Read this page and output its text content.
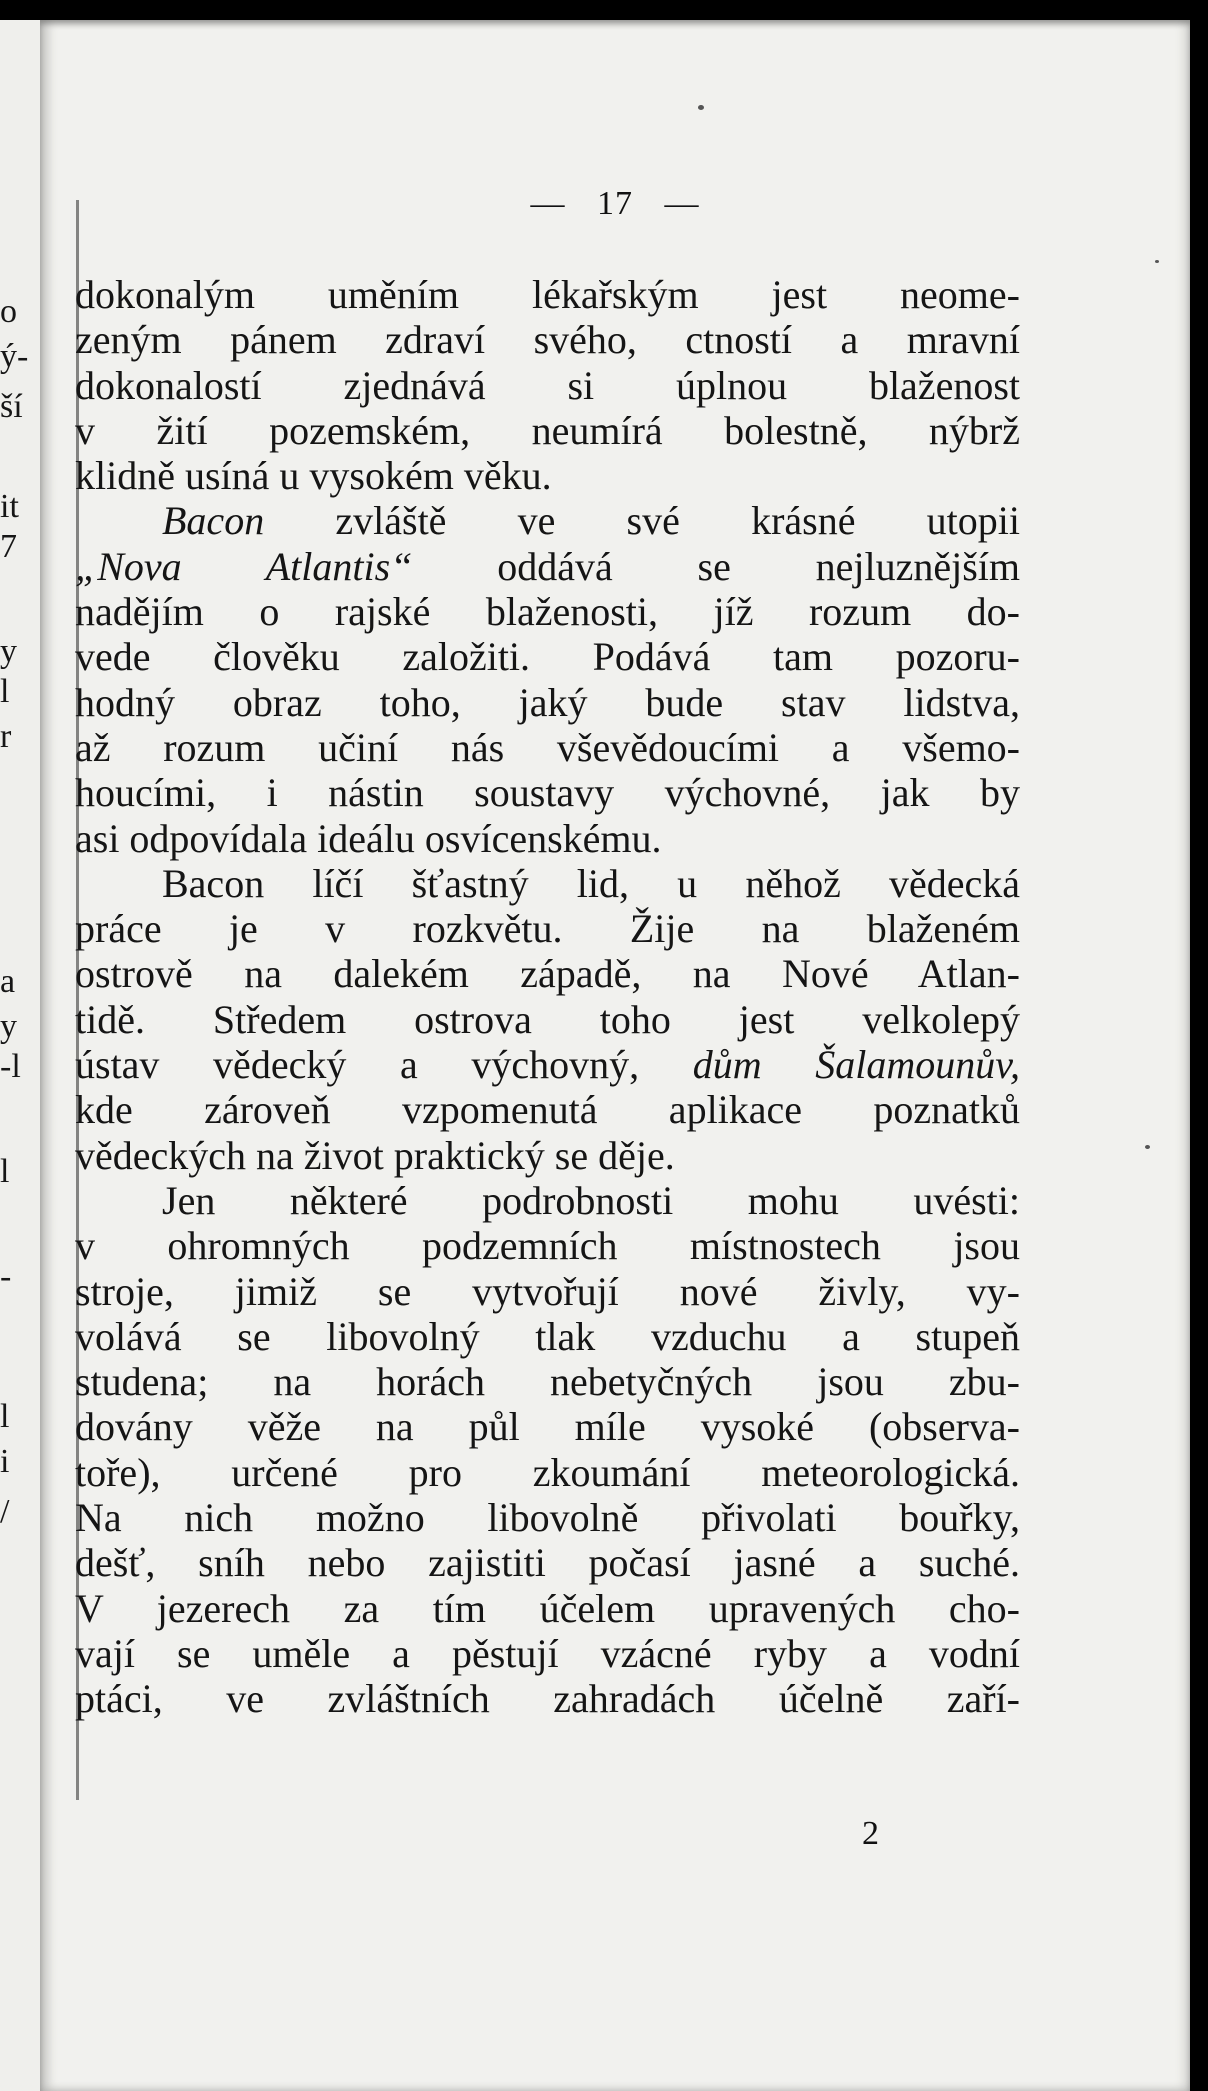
o
ý-
ší
it
7
y
l
r
a
y
-l
l
-
l
i
/
— 17 —
dokonalým uměním lékařským jest neome-
zeným pánem zdraví svého, ctností a mravní
dokonalostí zjednává si úplnou blaženost
v žití pozemském, neumírá bolestně, nýbrž
klidně usíná u vysokém věku.
Bacon zvláště ve své krásné utopii
„Nova Atlantis“ oddává se nejluznějším
nadějím o rajské blaženosti, jíž rozum do-
vede člověku založiti. Podává tam pozoru-
hodný obraz toho, jaký bude stav lidstva,
až rozum učiní nás vševědoucími a všemo-
houcími, i nástin soustavy výchovné, jak by
asi odpovídala ideálu osvícenskému.
Bacon líčí šťastný lid, u něhož vědecká
práce je v rozkvětu. Žije na blaženém
ostrově na dalekém západě, na Nové Atlan-
tidě. Středem ostrova toho jest velkolepý
ústav vědecký a výchovný, dům Šalamounův,
kde zároveň vzpomenutá aplikace poznatků
vědeckých na život praktický se děje.
Jen některé podrobnosti mohu uvésti:
v ohromných podzemních místnostech jsou
stroje, jimiž se vytvořují nové živly, vy-
volává se libovolný tlak vzduchu a stupeň
studena; na horách nebetyčných jsou zbu-
dovány věže na půl míle vysoké (observa-
toře), určené pro zkoumání meteorologická.
Na nich možno libovolně přivolati bouřky,
dešť, sníh nebo zajistiti počasí jasné a suché.
V jezerech za tím účelem upravených cho-
vají se uměle a pěstují vzácné ryby a vodní
ptáci, ve zvláštních zahradách účelně zaří-
2
